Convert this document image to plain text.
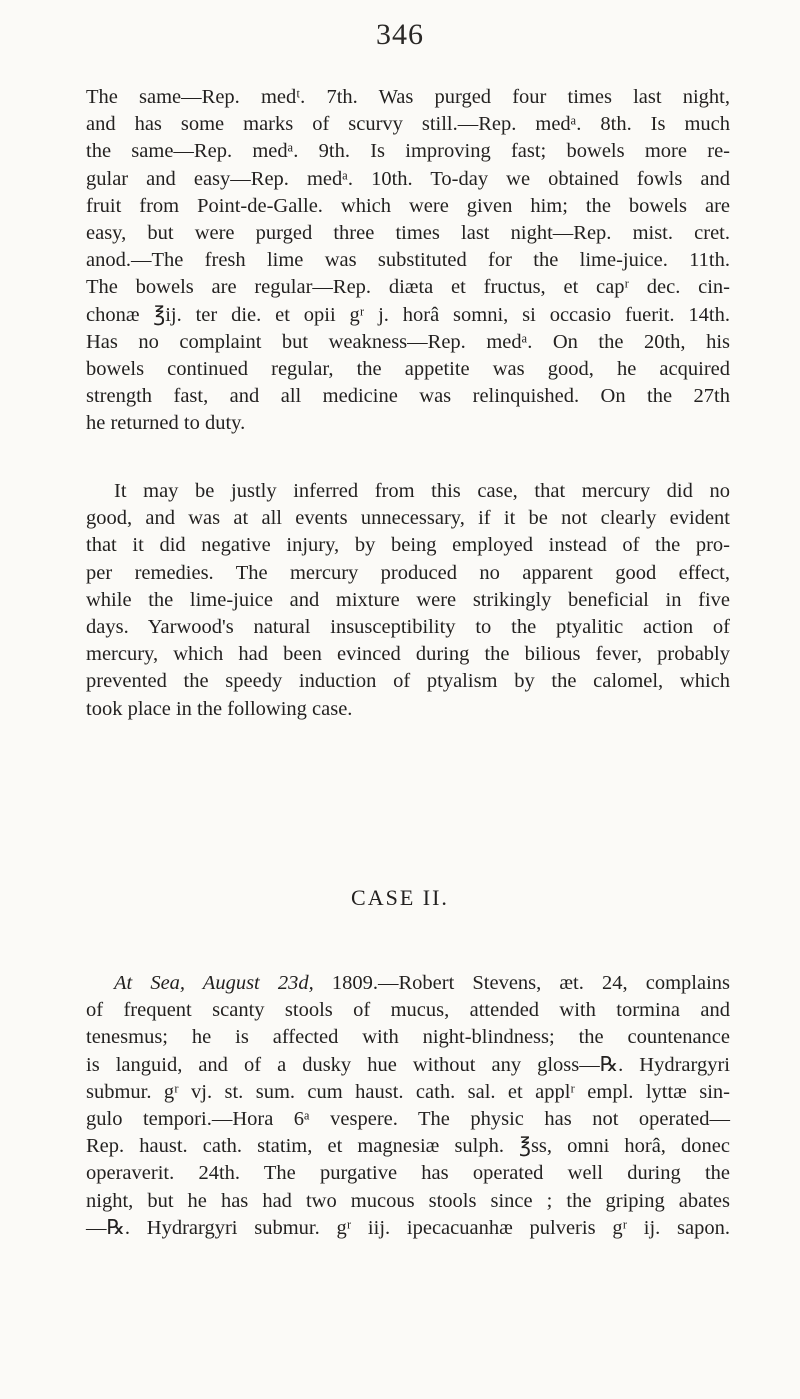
346
The same—Rep. medᵗ. 7th. Was purged four times last night,
and has some marks of scurvy still.—Rep. medᵃ. 8th. Is much
the same—Rep. medᵃ. 9th. Is improving fast; bowels more re-
gular and easy—Rep. medᵃ. 10th. To-day we obtained fowls and
fruit from Point-de-Galle. which were given him; the bowels are
easy, but were purged three times last night—Rep. mist. cret.
anod.—The fresh lime was substituted for the lime-juice. 11th.
The bowels are regular—Rep. diæta et fructus, et capʳ dec. cin-
chonæ ℥ij. ter die. et opii gʳ j. horâ somni, si occasio fuerit. 14th.
Has no complaint but weakness—Rep. medᵃ. On the 20th, his
bowels continued regular, the appetite was good, he acquired
strength fast, and all medicine was relinquished. On the 27th
he returned to duty.
It may be justly inferred from this case, that mercury did no
good, and was at all events unnecessary, if it be not clearly evident
that it did negative injury, by being employed instead of the pro-
per remedies. The mercury produced no apparent good effect,
while the lime-juice and mixture were strikingly beneficial in five
days. Yarwood's natural insusceptibility to the ptyalitic action of
mercury, which had been evinced during the bilious fever, probably
prevented the speedy induction of ptyalism by the calomel, which
took place in the following case.
CASE II.
At Sea, August 23d, 1809.—Robert Stevens, æt. 24, complains
of frequent scanty stools of mucus, attended with tormina and
tenesmus; he is affected with night-blindness; the countenance
is languid, and of a dusky hue without any gloss—℞. Hydrargyri
submur. gʳ vj. st. sum. cum haust. cath. sal. et applʳ empl. lyttæ sin-
gulo tempori.—Hora 6ᵃ vespere. The physic has not operated—
Rep. haust. cath. statim, et magnesiæ sulph. ℥ss, omni horâ, donec
operaverit. 24th. The purgative has operated well during the
night, but he has had two mucous stools since ; the griping abates
—℞. Hydrargyri submur. gʳ iij. ipecacuanhæ pulveris gʳ ij. sapon.
